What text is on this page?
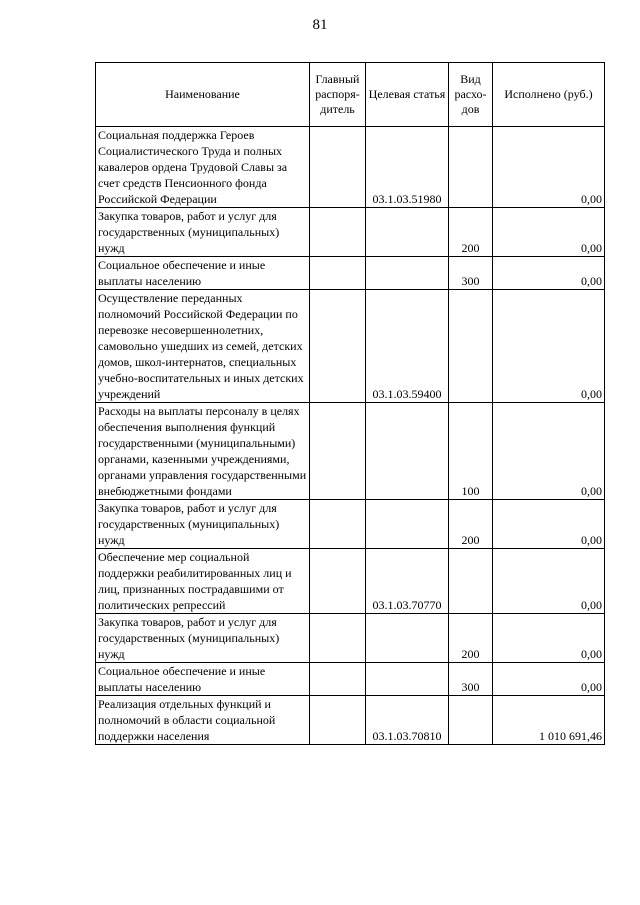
81
Наименование	Главный распоря-дитель	Целевая статья	Вид расхо-дов	Исполнено (руб.)
Социальная поддержка Героев Социалистического Труда и полных кавалеров ордена Трудовой Славы за счет средств Пенсионного фонда Российской Федерации		03.1.03.51980		0,00
Закупка товаров, работ и услуг для государственных (муниципальных) нужд			200	0,00
Социальное обеспечение и иные выплаты населению			300	0,00
Осуществление переданных полномочий Российской Федерации по перевозке несовершеннолетних, самовольно ушедших из семей, детских домов, школ-интернатов, специальных учебно-воспитательных и иных детских учреждений		03.1.03.59400		0,00
Расходы на выплаты персоналу в целях обеспечения выполнения функций государственными (муниципальными) органами, казенными учреждениями, органами управления государственными внебюджетными фондами			100	0,00
Закупка товаров, работ и услуг для государственных (муниципальных) нужд			200	0,00
Обеспечение мер социальной поддержки реабилитированных лиц и лиц, признанных пострадавшими от политических репрессий		03.1.03.70770		0,00
Закупка товаров, работ и услуг для государственных (муниципальных) нужд			200	0,00
Социальное обеспечение и иные выплаты населению			300	0,00
Реализация отдельных функций и полномочий в области социальной поддержки населения		03.1.03.70810		1 010 691,46
